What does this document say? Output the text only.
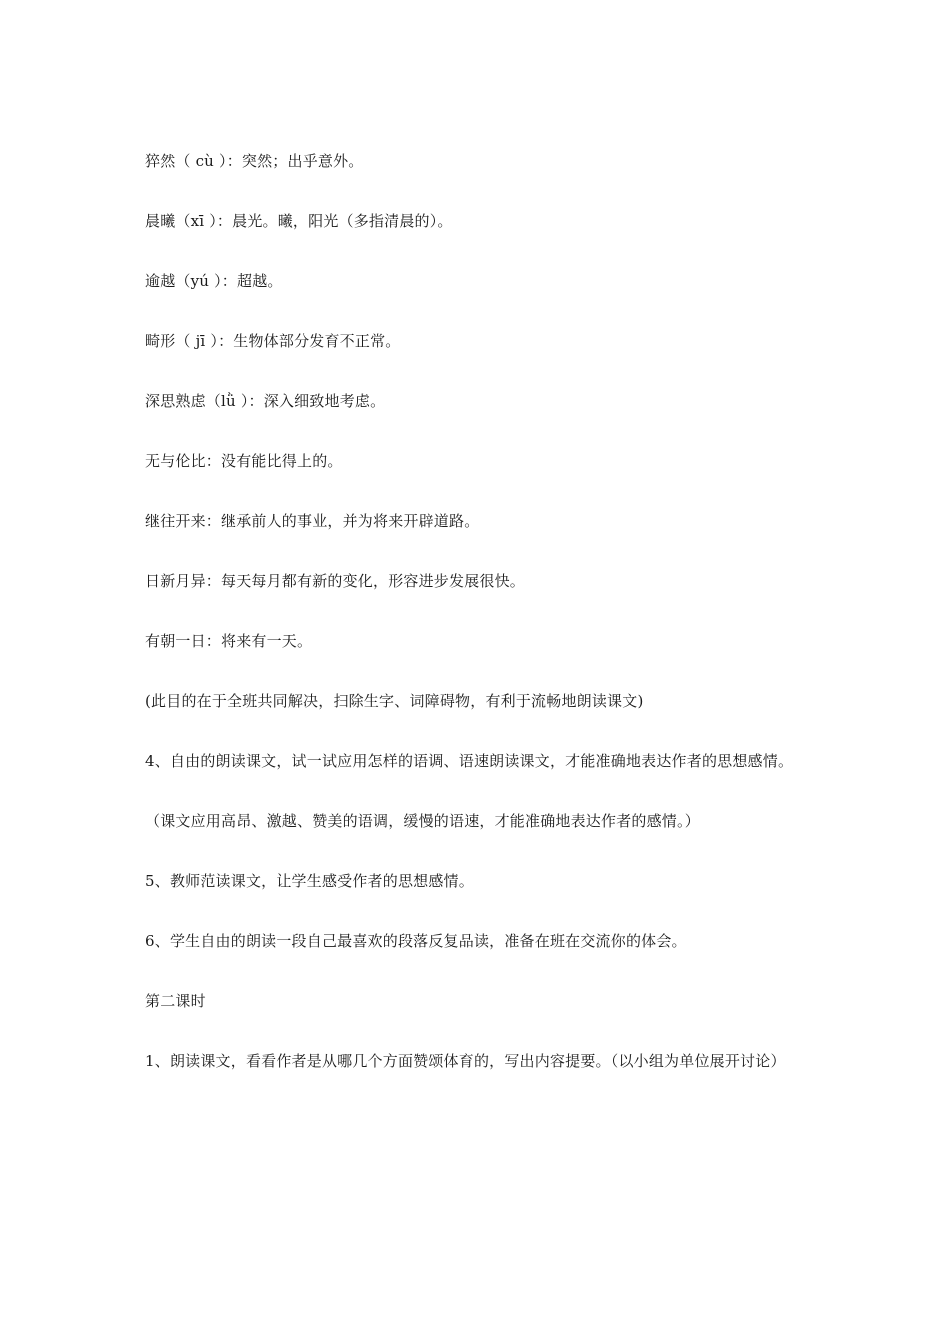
猝然（ cù ）：突然；出乎意外。

晨曦（xī ）：晨光。曦，阳光（多指清晨的）。

逾越（yú ）：超越。

畸形（ jī ）：生物体部分发育不正常。

深思熟虑（lǜ ）：深入细致地考虑。

无与伦比：没有能比得上的。

继往开来：继承前人的事业，并为将来开辟道路。

日新月异：每天每月都有新的变化，形容进步发展很快。

有朝一日：将来有一天。

(此目的在于全班共同解决，扫除生字、词障碍物，有利于流畅地朗读课文)

4、自由的朗读课文，试一试应用怎样的语调、语速朗读课文，才能准确地表达作者的思想感情。

（课文应用高昂、激越、赞美的语调，缓慢的语速，才能准确地表达作者的感情。）

5、教师范读课文，让学生感受作者的思想感情。

6、学生自由的朗读一段自己最喜欢的段落反复品读，准备在班在交流你的体会。

第二课时

1、朗读课文，看看作者是从哪几个方面赞颂体育的，写出内容提要。（以小组为单位展开讨论）
